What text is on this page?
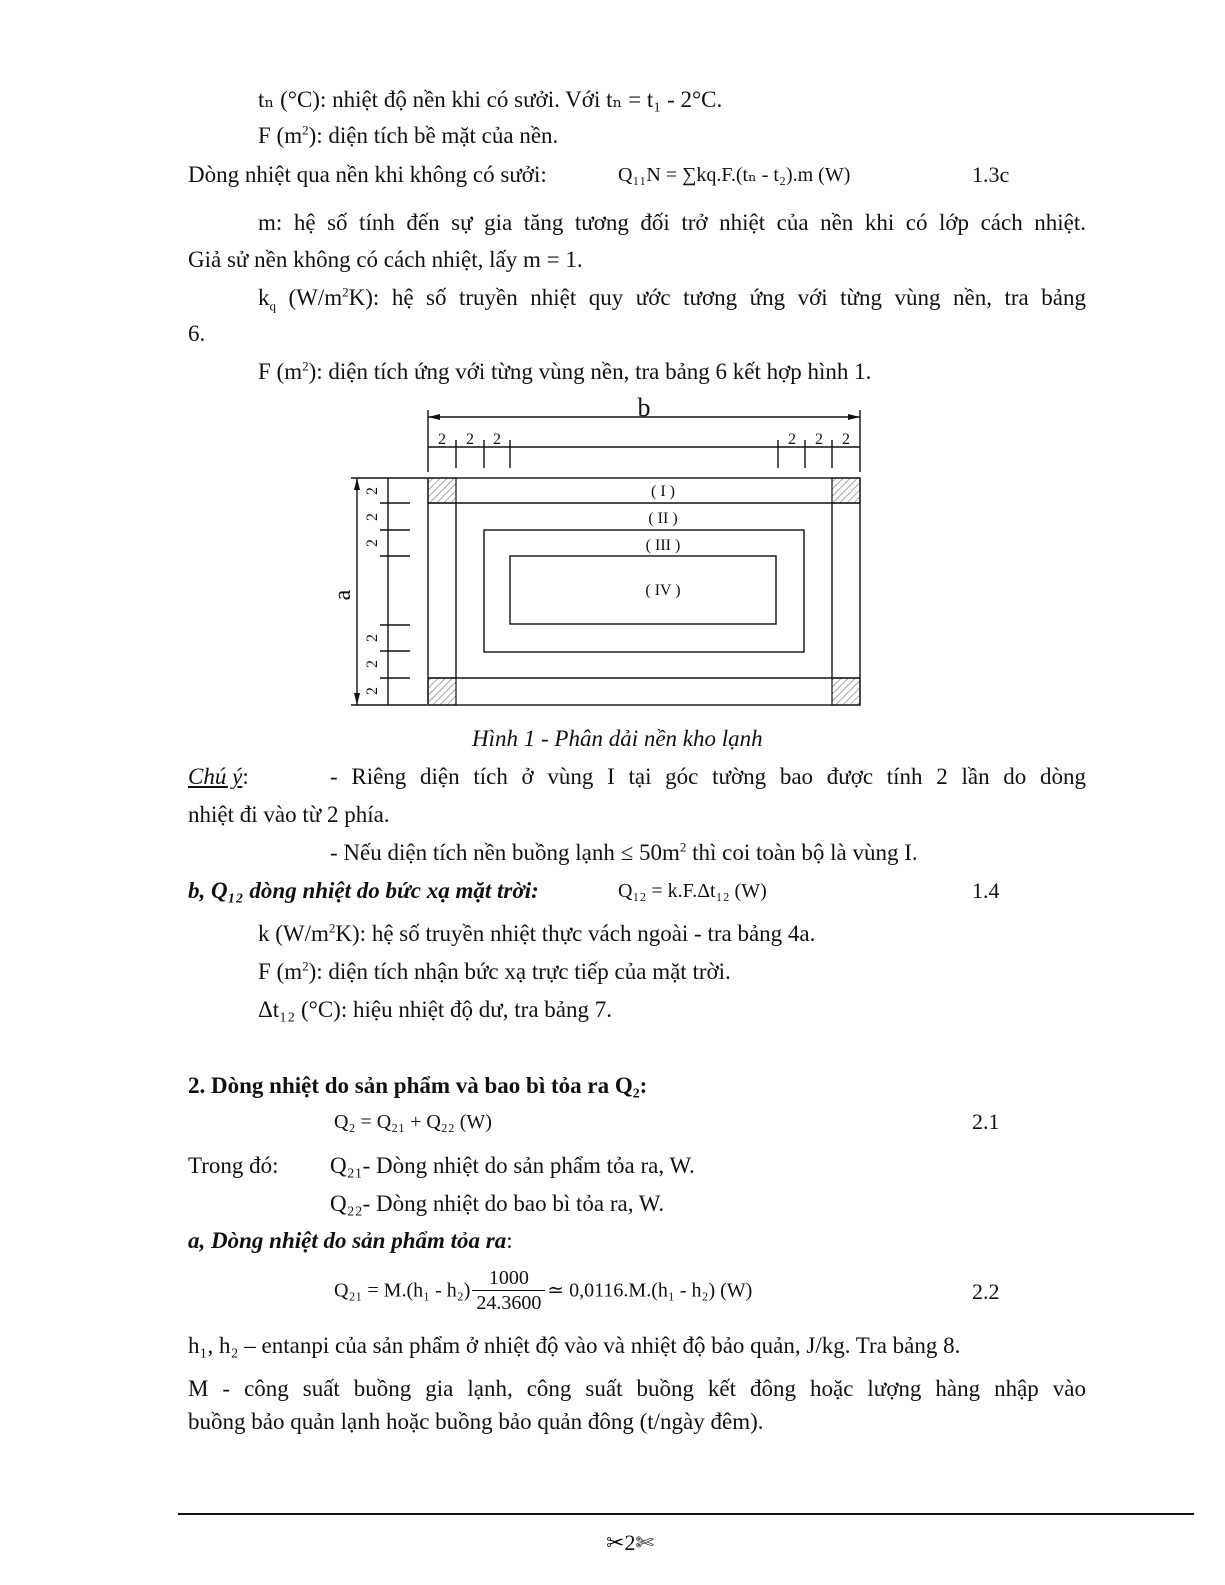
tₙ (°C): nhiệt độ nền khi có sưởi. Với tₙ = t₁ - 2°C.
F $(m^2)$: diện tích bề mặt của nền.
Dòng nhiệt qua nền khi không có sưởi:	Q₁₁N = ∑kq.F.(tₙ - t₂).m (W)	1.3c
m: hệ số tính đến sự gia tăng tương đối trở nhiệt của nền khi có lớp cách nhiệt.
Giả sử nền không có cách nhiệt, lấy m = 1.
$k_q$ $(W/m^2K)$: hệ số truyền nhiệt quy ước tương ứng với từng vùng nền, tra bảng
6.
F $(m^2)$: diện tích ứng với từng vùng nền, tra bảng 6 kết hợp hình 1.
b
a
2 2 2	2 2 2
2
2
2
2
2
2
( I )
( II )
( III )
( IV )
Hình 1 - Phân dải nền kho lạnh
Chú ý:	- Riêng diện tích ở vùng I tại góc tường bao được tính 2 lần do dòng
nhiệt đi vào từ 2 phía.
- Nếu diện tích nền buồng lạnh ≤ $50m^2$ thì coi toàn bộ là vùng I.
b, Q₁₂ dòng nhiệt do bức xạ mặt trời:	Q₁₂ = k.F.Δt₁₂ (W)	1.4
k $(W/m^2K)$: hệ số truyền nhiệt thực vách ngoài - tra bảng 4a.
F $(m^2)$: diện tích nhận bức xạ trực tiếp của mặt trời.
Δt₁₂ (°C): hiệu nhiệt độ dư, tra bảng 7.
2. Dòng nhiệt do sản phẩm và bao bì tỏa ra Q₂:
Q₂ = Q₂₁ + Q₂₂ (W)	2.1
Trong đó: Q₂₁- Dòng nhiệt do sản phẩm tỏa ra, W.
Q₂₂- Dòng nhiệt do bao bì tỏa ra, W.
a, Dòng nhiệt do sản phẩm tỏa ra:
$Q_{21} = M.(h_1 - h_2) \frac{1000}{24.3600}$ ≃ 0,0116.M.(h₁ - h₂) (W)	2.2
h₁, h₂ – entanpi của sản phẩm ở nhiệt độ vào và nhiệt độ bảo quản, J/kg. Tra bảng 8.
M - công suất buồng gia lạnh, công suất buồng kết đông hoặc lượng hàng nhập vào
buồng bảo quản lạnh hoặc buồng bảo quản đông (t/ngày đêm).
✂2✄
